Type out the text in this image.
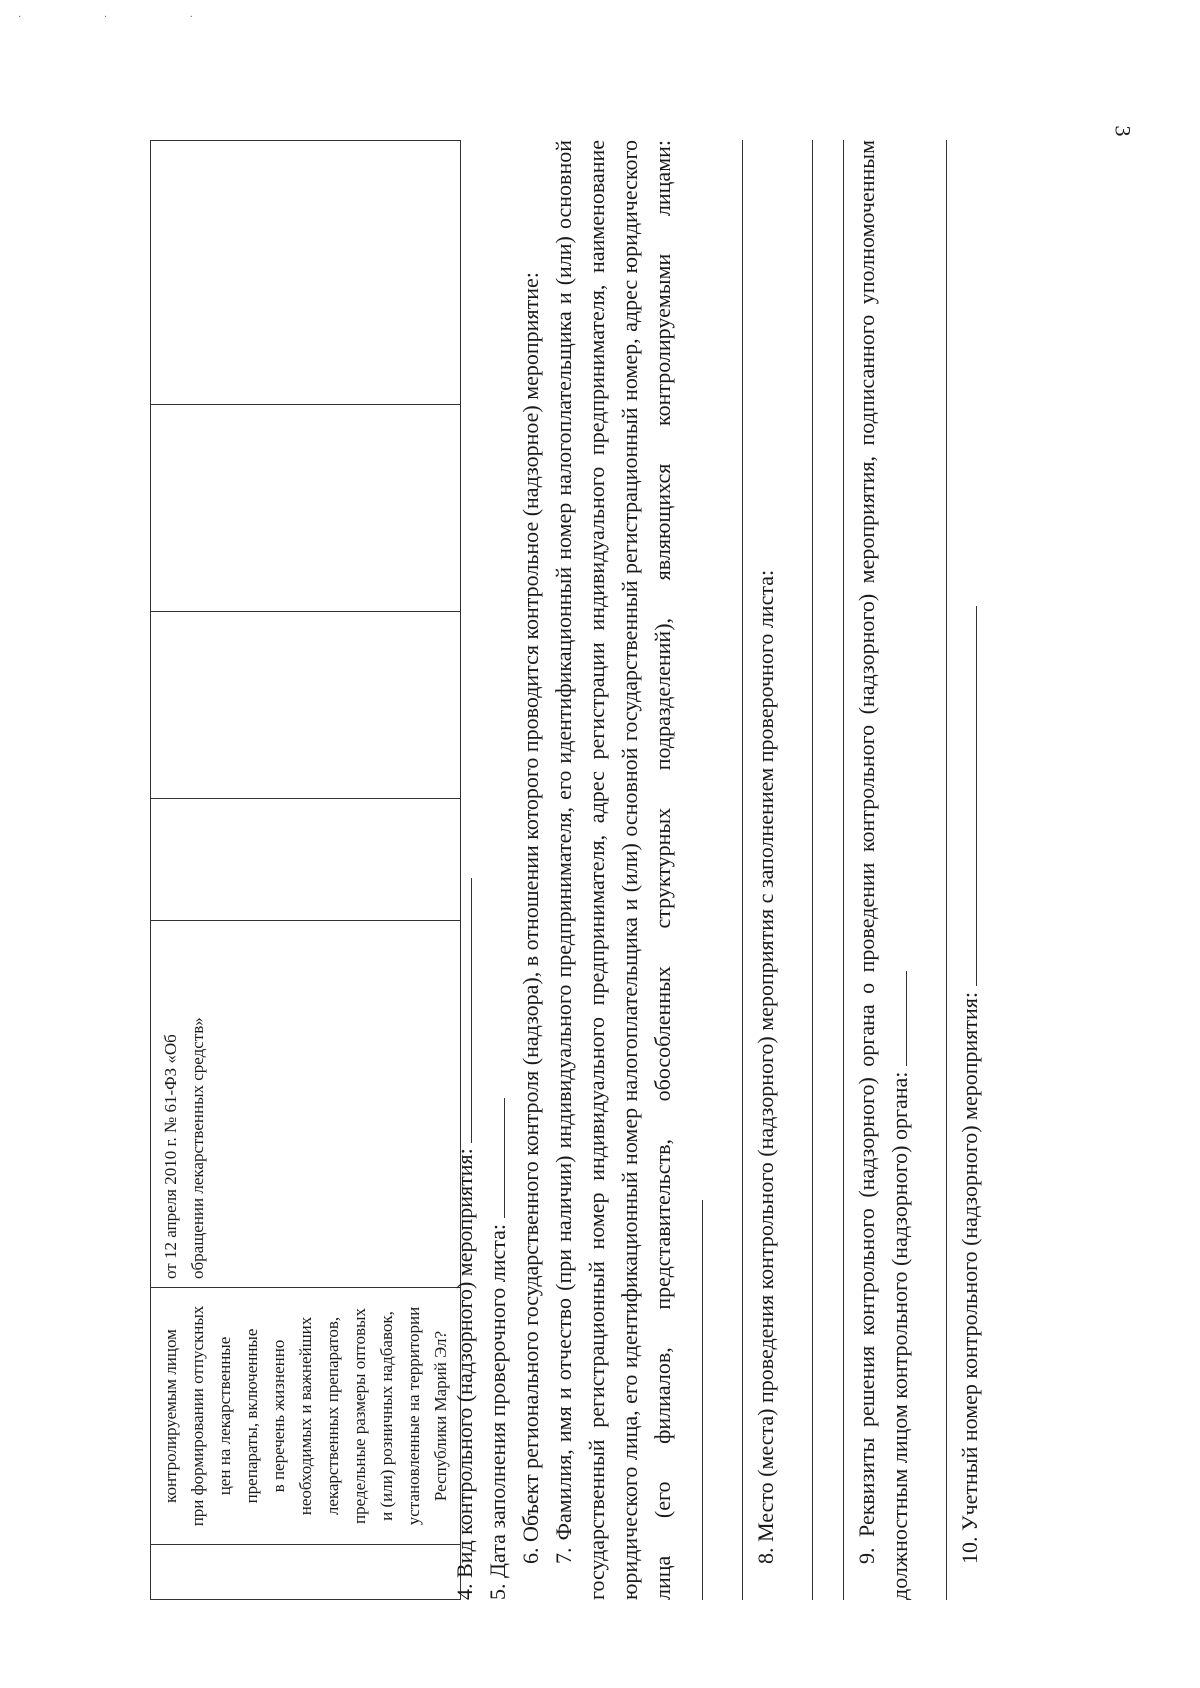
· · ·
3

контролируемым лицом при формировании отпускных цен на лекарственные препараты, включенные в перечень жизненно необходимых и важнейших лекарственных препаратов, предельные размеры оптовых и (или) розничных надбавок, установленные на территории Республики Марий Эл?

от 12 апреля 2010 г. № 61-ФЗ «Об обращении лекарственных средств»

4. Вид контрольного (надзорного) мероприятия: 5. Дата заполнения проверочного листа: 6. Объект регионального государственного контроля (надзора), в отношении которого проводится контрольное (надзорное) мероприятие: 7. Фамилия, имя и отчество (при наличии) индивидуального предпринимателя, его идентификационный номер налогоплательщика и (или) основной государственный регистрационный номер индивидуального предпринимателя, адрес регистрации индивидуального предпринимателя, наименование юридического лица, его идентификационный номер налогоплательщика и (или) основной государственный регистрационный номер, адрес юридического лица (его филиалов, представительств, обособленных структурных подразделений), являющихся контролируемыми лицами:	8. Место (места) проведения контрольного (надзорного) мероприятия с заполнением проверочного листа:	9. Реквизиты решения контрольного (надзорного) органа о проведении контрольного (надзорного) мероприятия, подписанного уполномоченным должностным лицом контрольного (надзорного) органа: 10. Учетный номер контрольного (надзорного) мероприятия:
